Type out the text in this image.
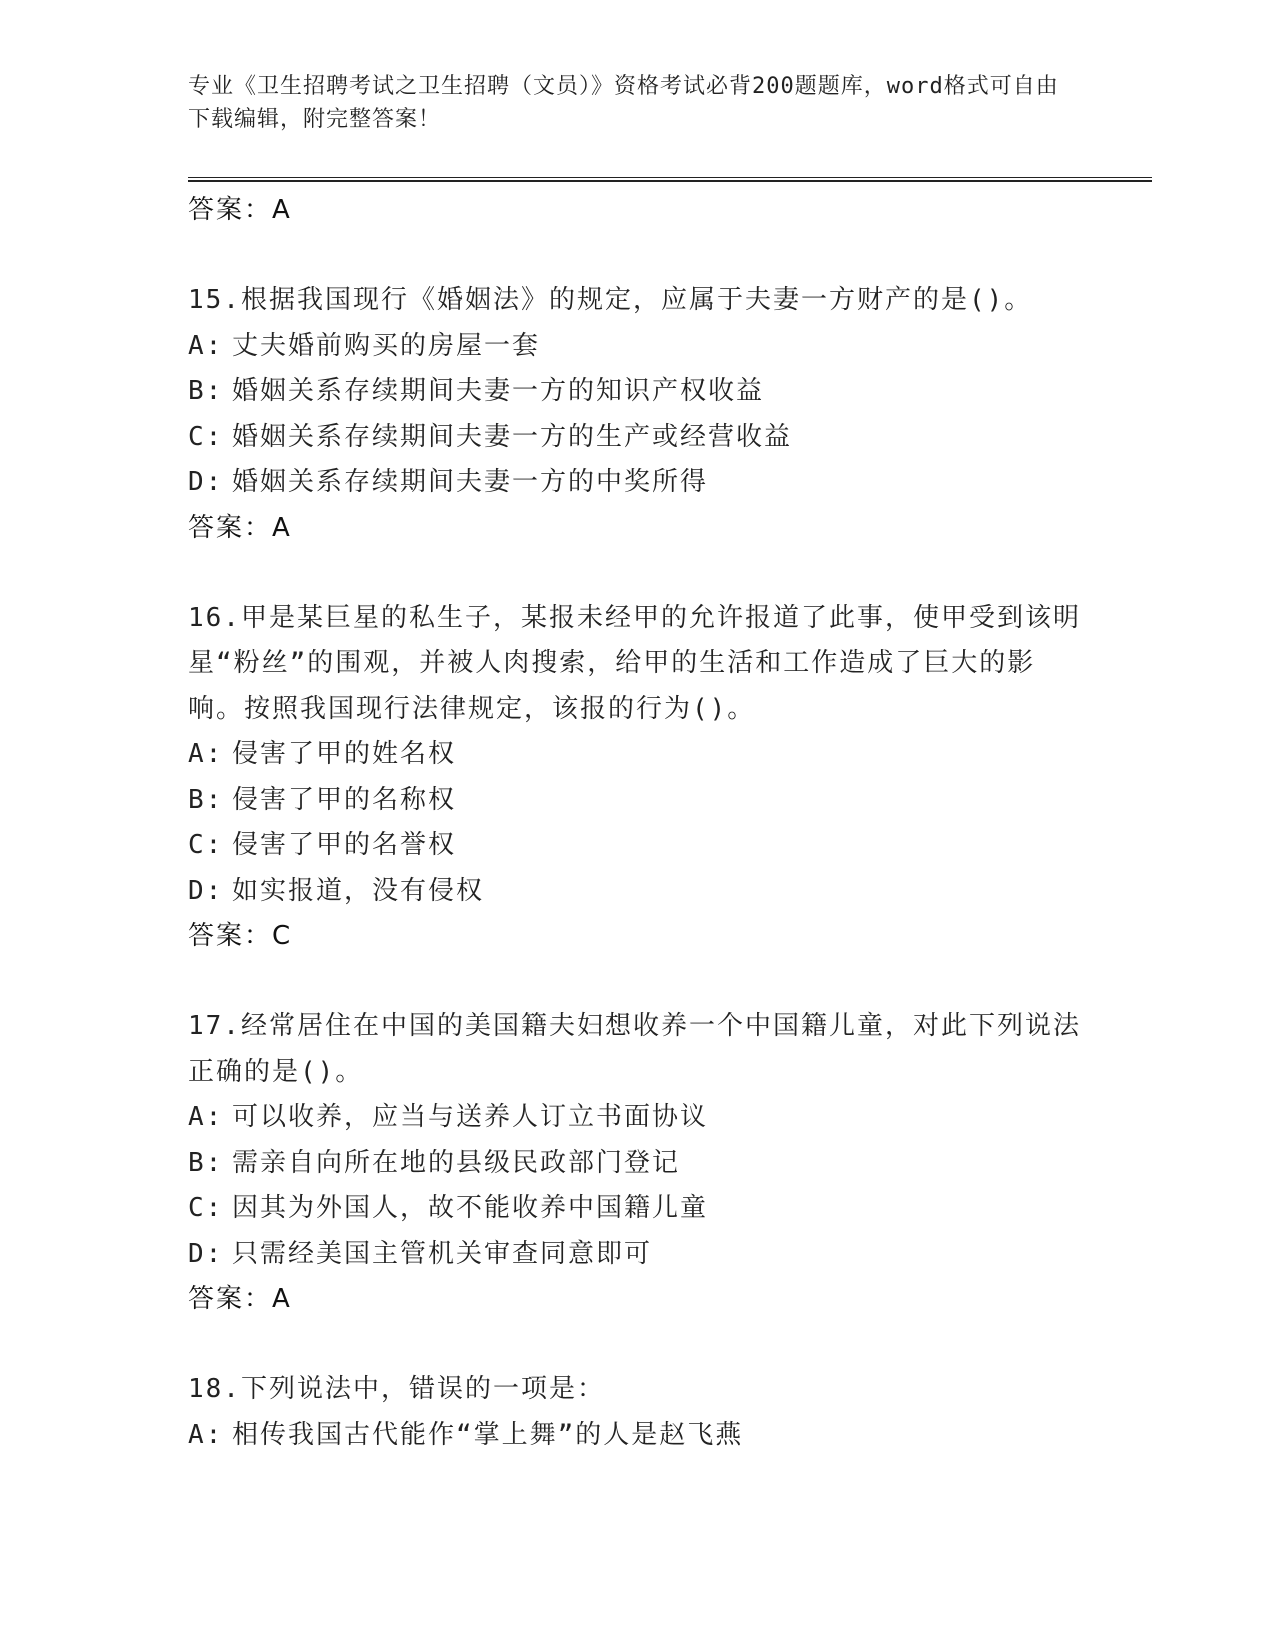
专业《卫生招聘考试之卫生招聘（文员）》资格考试必背200题题库，word格式可自由下载编辑，附完整答案！
答案：A
15.根据我国现行《婚姻法》的规定，应属于夫妻一方财产的是()。
A: 丈夫婚前购买的房屋一套
B: 婚姻关系存续期间夫妻一方的知识产权收益
C: 婚姻关系存续期间夫妻一方的生产或经营收益
D: 婚姻关系存续期间夫妻一方的中奖所得
答案：A
16.甲是某巨星的私生子，某报未经甲的允许报道了此事，使甲受到该明星“粉丝”的围观，并被人肉搜索，给甲的生活和工作造成了巨大的影响。按照我国现行法律规定，该报的行为()。
A: 侵害了甲的姓名权
B: 侵害了甲的名称权
C: 侵害了甲的名誉权
D: 如实报道，没有侵权
答案：C
17.经常居住在中国的美国籍夫妇想收养一个中国籍儿童，对此下列说法正确的是()。
A: 可以收养，应当与送养人订立书面协议
B: 需亲自向所在地的县级民政部门登记
C: 因其为外国人，故不能收养中国籍儿童
D: 只需经美国主管机关审查同意即可
答案：A
18.下列说法中，错误的一项是：
A: 相传我国古代能作“掌上舞”的人是赵飞燕
